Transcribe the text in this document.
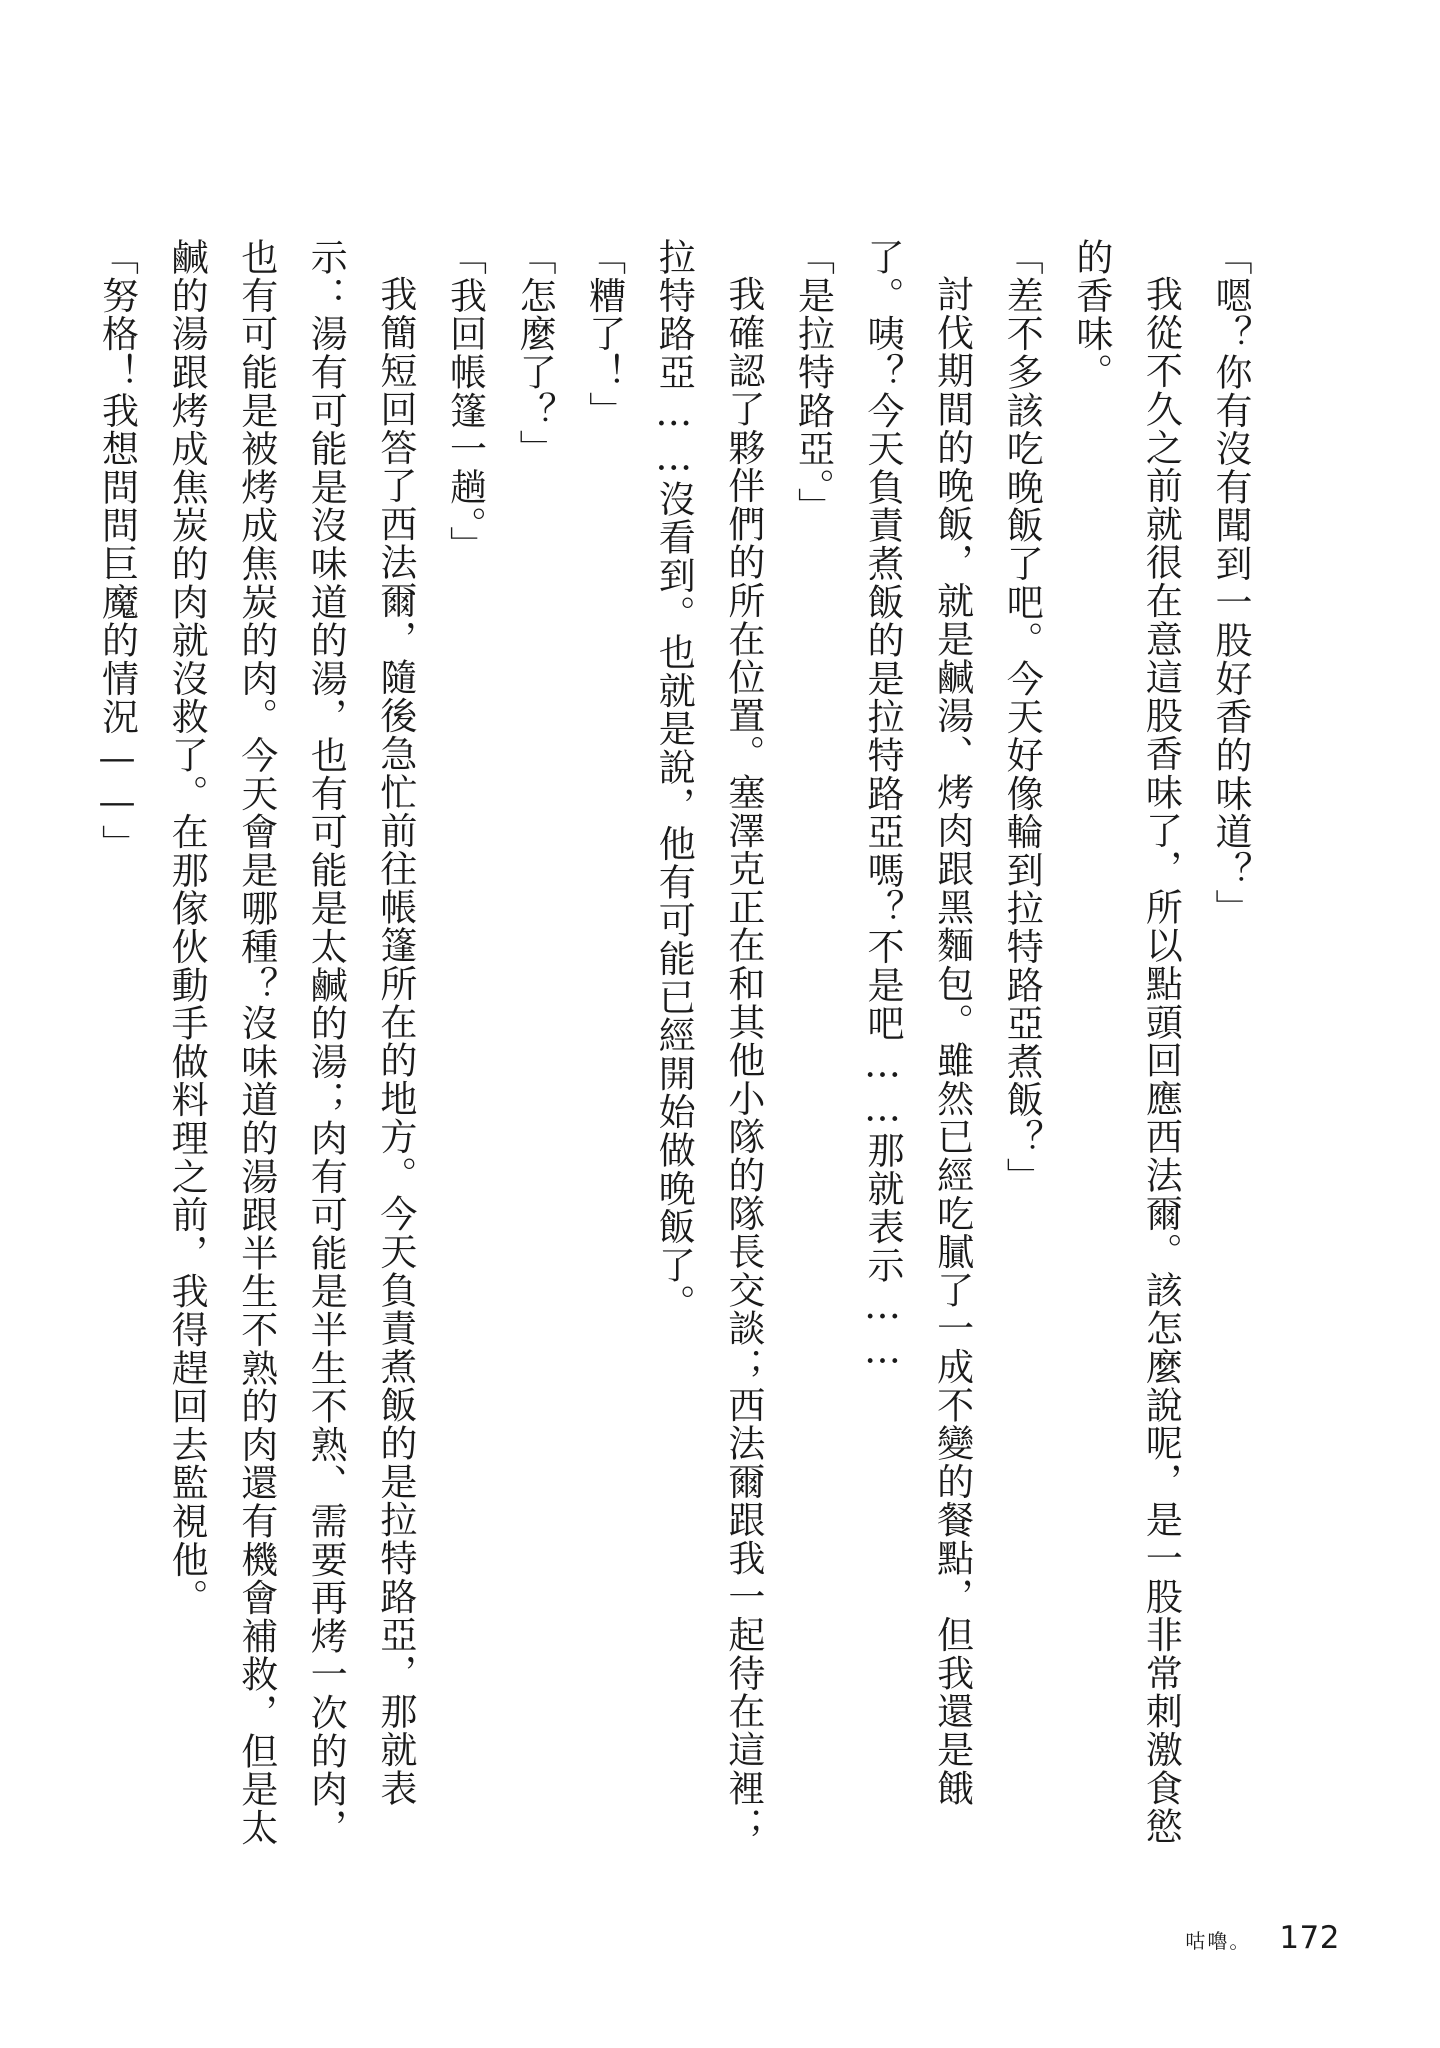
「嗯？你有沒有聞到一股好香的味道？」

我從不久之前就很在意這股香味了，所以點頭回應西法爾。該怎麼說呢，是一股非常刺激食慾的香味。

「差不多該吃晚飯了吧。今天好像輪到拉特路亞煮飯？」

討伐期間的晚飯，就是鹹湯、烤肉跟黑麵包。雖然已經吃膩了一成不變的餐點，但我還是餓了。咦？今天負責煮飯的是拉特路亞嗎？不是吧……那就表示……

「是拉特路亞。」

我確認了夥伴們的所在位置。塞澤克正在和其他小隊的隊長交談；西法爾跟我一起待在這裡；拉特路亞……沒看到。也就是說，他有可能已經開始做晚飯了。

「糟了！」

「怎麼了？」

「我回帳篷一趟。」

我簡短回答了西法爾，隨後急忙前往帳篷所在的地方。今天負責煮飯的是拉特路亞，那就表示：湯有可能是沒味道的湯，也有可能是太鹹的湯；肉有可能是半生不熟、需要再烤一次的肉，也有可能是被烤成焦炭的肉。今天會是哪種？沒味道的湯跟半生不熟的肉還有機會補救，但是太鹹的湯跟烤成焦炭的肉就沒救了。在那傢伙動手做料理之前，我得趕回去監視他。

「努格！我想問問巨魔的情況——」

咕嚕。 172
